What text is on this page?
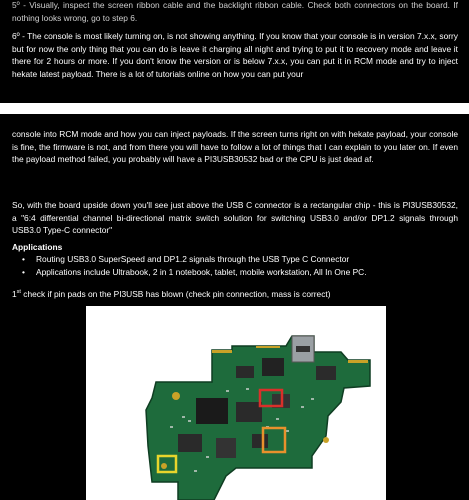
5º - Visually, inspect the screen ribbon cable and the backlight ribbon cable. Check both connectors on the board. If nothing looks wrong, go to step 6.

6º - The console is most likely turning on, is not showing anything. If you know that your console is in version 7.x.x, sorry but for now the only thing that you can do is leave it charging all night and trying to put it to recovery mode and leave it there for 2 hours or more. If you don't know the version or is below 7.x.x, you can put it in RCM mode and try to inject hekate latest payload. There is a lot of tutorials online on how you can put your

console into RCM mode and how you can inject payloads. If the screen turns right on with hekate payload, your console is fine, the firmware is not, and from there you will have to follow a lot of things that I can explain to you later on. If even the payload method failed, you probably will have a PI3USB30532 bad or the CPU is just dead af.

So, with the board upside down you'll see just above the USB C connector is a rectangular chip - this is PI3USB30532, a "6:4 differential channel bi-directional matrix switch solution for switching USB3.0 and/or DP1.2 signals through USB3.0 Type-C connector"

Applications

• Routing USB3.0 SuperSpeed and DP1.2 signals through the USB Type C Connector
• Applications include Ultrabook, 2 in 1 notebook, tablet, mobile workstation, All In One PC.

1st check if pin pads on the PI3USB has blown (check pin connection, mass is correct)
